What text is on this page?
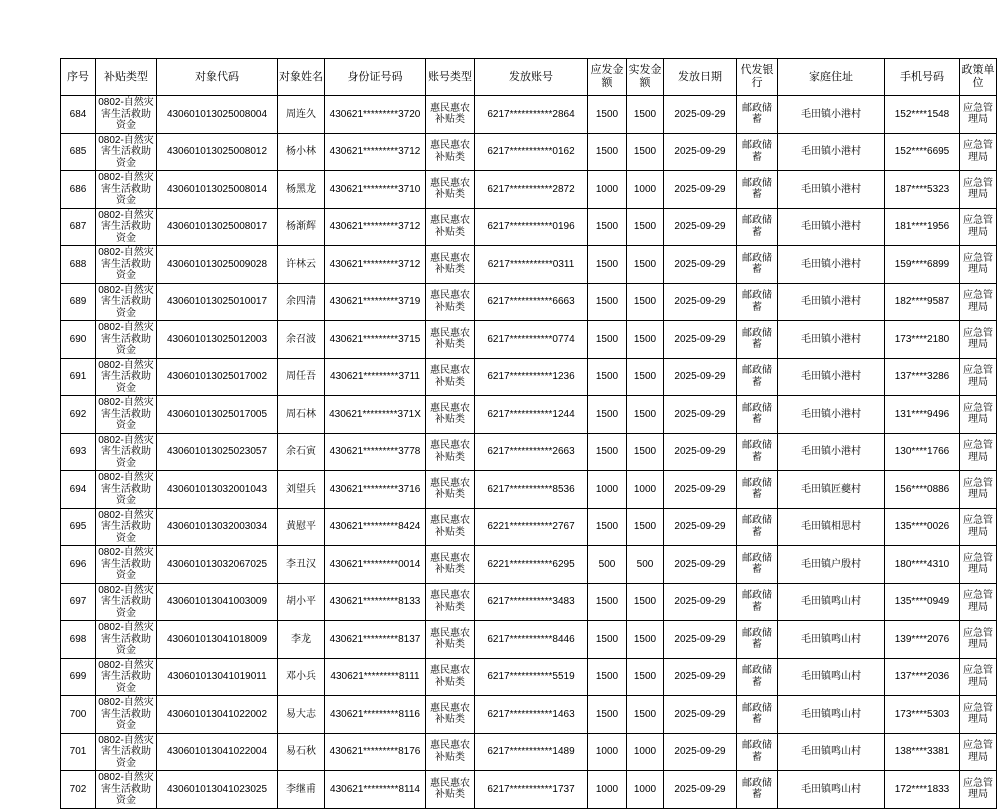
序号	补贴类型	对象代码	对象姓名	身份证号码	账号类型	发放账号	应发金额	实发金额	发放日期	代发银行	家庭住址	手机号码	政策单位
684	0802-自然灾害生活救助资金	430601013025008004	周连久	430621*********3720	惠民惠农补贴类	6217***********2864	1500	1500	2025-09-29	邮政储蓄	毛田镇小港村	152****1548	应急管理局
685	0802-自然灾害生活救助资金	430601013025008012	杨小林	430621*********3712	惠民惠农补贴类	6217***********0162	1500	1500	2025-09-29	邮政储蓄	毛田镇小港村	152****6695	应急管理局
686	0802-自然灾害生活救助资金	430601013025008014	杨黑龙	430621*********3710	惠民惠农补贴类	6217***********2872	1000	1000	2025-09-29	邮政储蓄	毛田镇小港村	187****5323	应急管理局
687	0802-自然灾害生活救助资金	430601013025008017	杨渐辉	430621*********3712	惠民惠农补贴类	6217***********0196	1500	1500	2025-09-29	邮政储蓄	毛田镇小港村	181****1956	应急管理局
688	0802-自然灾害生活救助资金	430601013025009028	许林云	430621*********3712	惠民惠农补贴类	6217***********0311	1500	1500	2025-09-29	邮政储蓄	毛田镇小港村	159****6899	应急管理局
689	0802-自然灾害生活救助资金	430601013025010017	余四清	430621*********3719	惠民惠农补贴类	6217***********6663	1500	1500	2025-09-29	邮政储蓄	毛田镇小港村	182****9587	应急管理局
690	0802-自然灾害生活救助资金	430601013025012003	余召波	430621*********3715	惠民惠农补贴类	6217***********0774	1500	1500	2025-09-29	邮政储蓄	毛田镇小港村	173****2180	应急管理局
691	0802-自然灾害生活救助资金	430601013025017002	周任吾	430621*********3711	惠民惠农补贴类	6217***********1236	1500	1500	2025-09-29	邮政储蓄	毛田镇小港村	137****3286	应急管理局
692	0802-自然灾害生活救助资金	430601013025017005	周石林	430621*********371X	惠民惠农补贴类	6217***********1244	1500	1500	2025-09-29	邮政储蓄	毛田镇小港村	131****9496	应急管理局
693	0802-自然灾害生活救助资金	430601013025023057	余石寅	430621*********3778	惠民惠农补贴类	6217***********2663	1500	1500	2025-09-29	邮政储蓄	毛田镇小港村	130****1766	应急管理局
694	0802-自然灾害生活救助资金	430601013032001043	刘望兵	430621*********3716	惠民惠农补贴类	6217***********8536	1000	1000	2025-09-29	邮政储蓄	毛田镇匠夔村	156****0886	应急管理局
695	0802-自然灾害生活救助资金	430601013032003034	黄慰平	430621*********8424	惠民惠农补贴类	6221***********2767	1500	1500	2025-09-29	邮政储蓄	毛田镇相思村	135****0026	应急管理局
696	0802-自然灾害生活救助资金	430601013032067025	李丑汉	430621*********0014	惠民惠农补贴类	6221***********6295	500	500	2025-09-29	邮政储蓄	毛田镇户殷村	180****4310	应急管理局
697	0802-自然灾害生活救助资金	430601013041003009	胡小平	430621*********8133	惠民惠农补贴类	6217***********3483	1500	1500	2025-09-29	邮政储蓄	毛田镇鸣山村	135****0949	应急管理局
698	0802-自然灾害生活救助资金	430601013041018009	李龙	430621*********8137	惠民惠农补贴类	6217***********8446	1500	1500	2025-09-29	邮政储蓄	毛田镇鸣山村	139****2076	应急管理局
699	0802-自然灾害生活救助资金	430601013041019011	邓小兵	430621*********8111	惠民惠农补贴类	6217***********5519	1500	1500	2025-09-29	邮政储蓄	毛田镇鸣山村	137****2036	应急管理局
700	0802-自然灾害生活救助资金	430601013041022002	易大志	430621*********8116	惠民惠农补贴类	6217***********1463	1500	1500	2025-09-29	邮政储蓄	毛田镇鸣山村	173****5303	应急管理局
701	0802-自然灾害生活救助资金	430601013041022004	易石秋	430621*********8176	惠民惠农补贴类	6217***********1489	1000	1000	2025-09-29	邮政储蓄	毛田镇鸣山村	138****3381	应急管理局
702	0802-自然灾害生活救助资金	430601013041023025	李继甫	430621*********8114	惠民惠农补贴类	6217***********1737	1000	1000	2025-09-29	邮政储蓄	毛田镇鸣山村	172****1833	应急管理局
